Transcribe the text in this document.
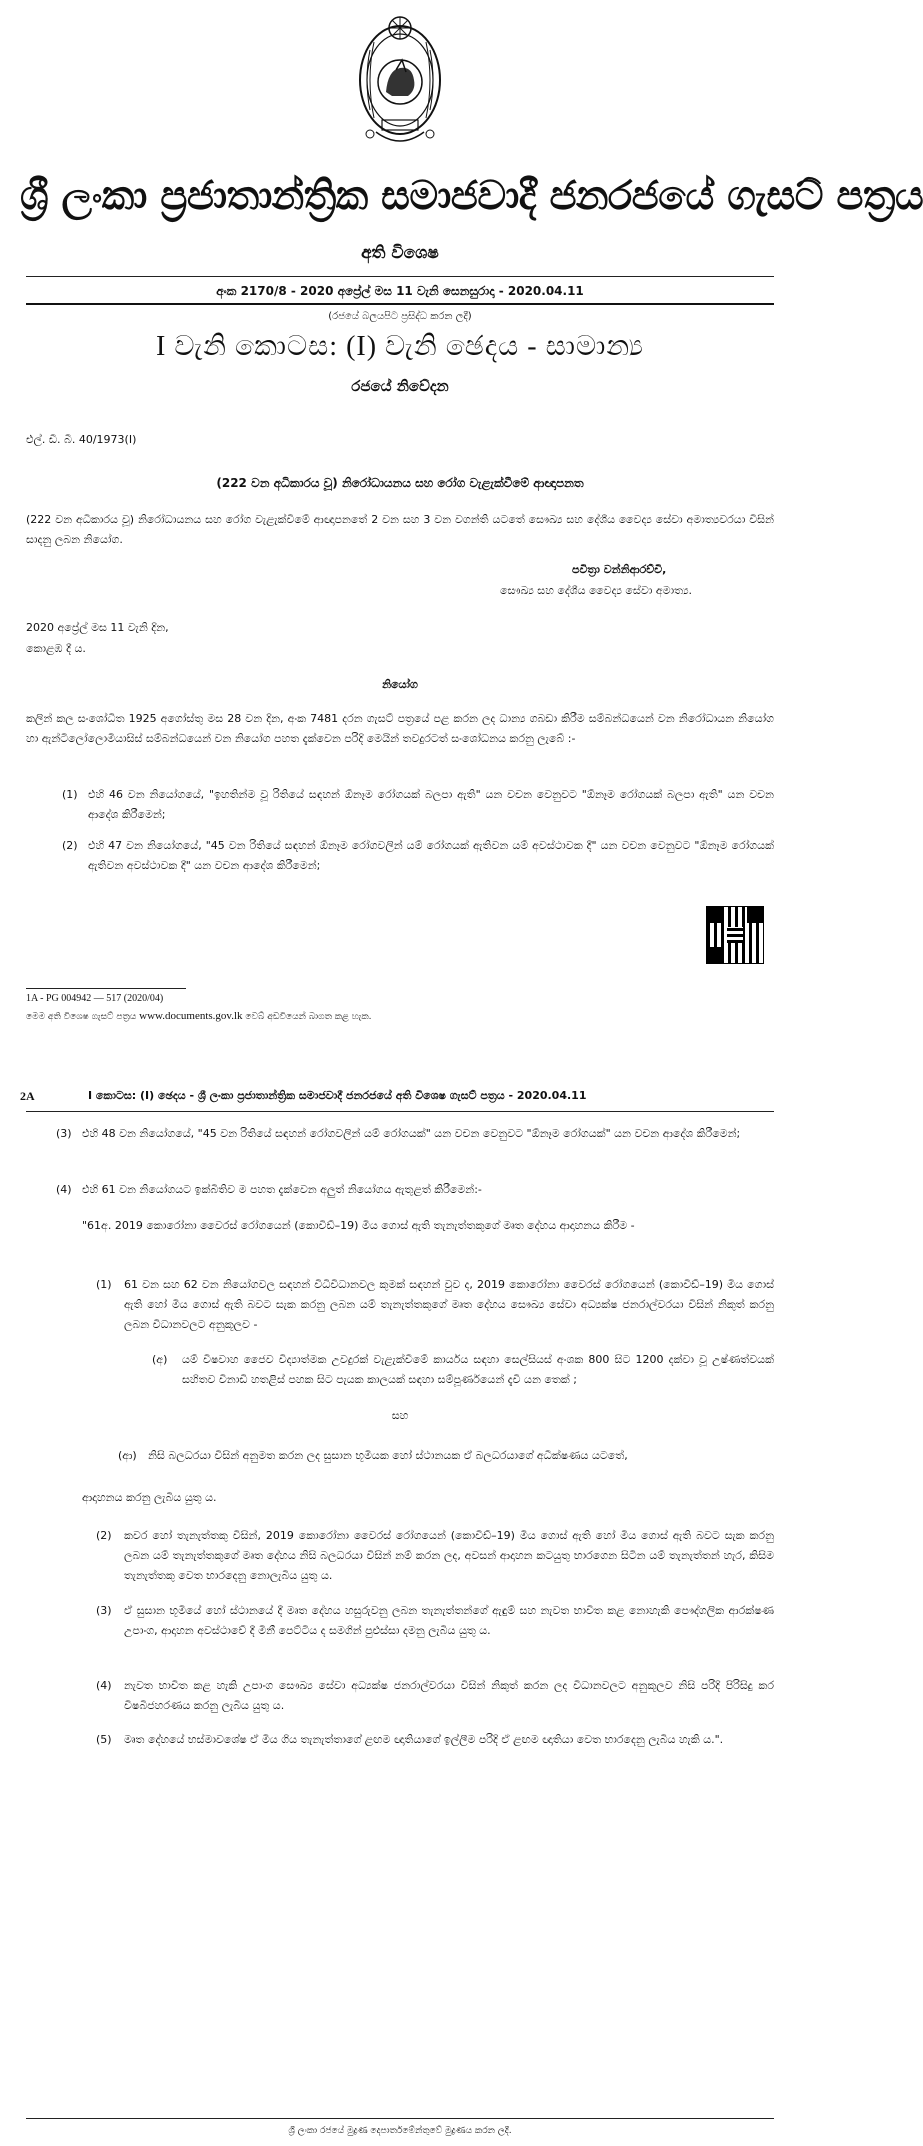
ශ්‍රී ලංකා ප්‍රජාතාන්ත්‍රික සමාජවාදී ජනරජයේ ගැසට් පත්‍රය
අති විශෙෂ
අංක 2170/8 - 2020 අප්‍රේල් මස 11 වැනි සෙනසුරාදා - 2020.04.11
(රජයේ බලයපිට ප්‍රසිද්ධ කරන ලදී)
I වැනි කොටස: (I) වැනි ඡෙදය - සාමාන්‍ය
රජයේ නිවේදන
එල්. ඩී. බී. 40/1973(I)
(222 වන අධිකාරය වූ) නිරෝධායනය සහ රෝග වැළැක්වීමේ ආඥාපනත
(222 වන අධිකාරය වූ) නිරෝධායනය සහ රෝග වැළැක්වීමේ ආඥාපනතේ 2 වන සහ 3 වන වගන්ති යටතේ සෞඛ්‍ය සහ දේශීය වෛද්‍ය සේවා අමාත්‍යවරයා විසින් සාදනු ලබන නියෝග.
පවිත්‍රා වන්නිආරච්චි,
සෞඛ්‍ය සහ දේශීය වෛද්‍ය සේවා අමාත්‍ය.
2020 අප්‍රේල් මස 11 වැනි දින,
කොළඹ දී ය.
නියෝග
කලින් කල සංශෝධිත 1925 අගෝස්තු මස 28 වන දින, අංක 7481 දරන ගැසට් පත්‍රයේ පළ කරන ලද ධාන්‍ය ගබඩා කිරීම සම්බන්ධයෙන් වන නිරෝධායන නියෝග හා ඇන්ටිලෝලොමියාසිස් සම්බන්ධයෙන් වන නියෝග පහත දැක්වෙන පරිදි මෙයින් තවදුරටත් සංශෝධනය කරනු ලැබේ :-
(1) එහි 46 වන නියෝගයේ, "ඉහතින්ම වූ රිතියේ සඳහන් ඕනෑම රෝගයක් බලපා ඇති" යන වචන වෙනුවට "ඕනෑම රෝගයක් බලපා ඇති" යන වචන ආදේශ කිරීමෙන්;
(2) එහි 47 වන නියෝගයේ, "45 වන රිතියේ සඳහන් ඕනෑම රෝගවලින් යම් රෝගයක් ඇතිවන යම් අවස්ථාවක දී" යන වචන වෙනුවට "ඕනෑම රෝගයක් ඇතිවන අවස්ථාවක දී" යන වචන ආදේශ කිරීමෙන්;
1A - PG 004942 — 517 (2020/04)
මෙම අති විශෙෂ ගැසට් පත්‍රය www.documents.gov.lk වෙබ් අඩවියෙන් බාගත කළ හැක.
2A	I කොටස: (I) ඡෙදය - ශ්‍රී ලංකා ප්‍රජාතාන්ත්‍රික සමාජවාදී ජනරජයේ අති විශෙෂ ගැසට් පත්‍රය - 2020.04.11
(3) එහි 48 වන නියෝගයේ, "45 වන රිතියේ සඳහන් රෝගවලින් යම් රෝගයක්" යන වචන වෙනුවට "ඕනෑම රෝගයක්" යන වචන ආදේශ කිරීමෙන්;
(4) එහි 61 වන නියෝගයට ඉක්බිතිව ම පහත දැක්වෙන අලුත් නියෝගය ඇතුළත් කිරීමෙන්:-
"61අ. 2019 කොරෝනා වෛරස් රෝගයෙන් (කොවිඩ්–19) මිය ගොස් ඇති තැනැත්තකුගේ මෘත දේහය ආදාහනය කිරීම -
(1)	61 වන සහ 62 වන නියෝගවල සඳහන් විධිවිධානවල කුමක් සඳහන් වුව ද, 2019 කොරෝනා වෛරස් රෝගයෙන් (කොවිඩ්–19) මිය ගොස් ඇති හෝ මිය ගොස් ඇති බවට සැක කරනු ලබන යම් තැනැත්තකුගේ මෘත දේහය සෞඛ්‍ය සේවා අධ්‍යක්ෂ ජනරාල්වරයා විසින් නිකුත් කරනු ලබන විධානවලට අනුකූලව -
(අ)	යම් විෂවාහ ජෛව විද්‍යාත්මක උවදුරක් වැළැක්වීමේ කාර්යය සඳහා සෙල්සියස් අංශක 800 සිට 1200 දක්වා වූ උෂ්ණත්වයක් සහිතව විනාඩි හතළිස් පහක සිට පැයක කාලයක් සඳහා සම්පූර්ණයෙන් දැවී යන තෙක් ;
සහ
(ආ)	නිසි බලධරයා විසින් අනුමත කරන ලද සුසාන භූමියක හෝ ස්ථානයක ඒ බලධරයාගේ අධීක්ෂණය යටතේ,
ආදාහනය කරනු ලැබිය යුතු ය.
(2)	කවර හෝ තැනැත්තකු විසින්, 2019 කොරෝනා වෛරස් රෝගයෙන් (කොවිඩ්–19) මිය ගොස් ඇති හෝ මිය ගොස් ඇති බවට සැක කරනු ලබන යම් තැනැත්තකුගේ මෘත දේහය නිසි බලධරයා විසින් නම් කරන ලද, අවසන් ආදාහන කටයුතු භාරගෙන සිටින යම් තැනැත්තන් හැර, කිසිම තැනැත්තකු වෙත භාරදෙනු නොලැබිය යුතු ය.
(3)	ඒ සුසාන භූමියේ හෝ ස්ථානයේ දී මෘත දේහය හසුරුවනු ලබන තැනැත්තන්ගේ ඇඳුම් සහ නැවත භාවිත කළ නොහැකි පෞද්ගලික ආරක්ෂණ උපාංග, ආදාහන අවස්ථාවේ දී මිනී පෙට්ටිය ද සමගින් පුළුස්සා දමනු ලැබිය යුතු ය.
(4)	නැවත භාවිත කළ හැකි උපාංග සෞඛ්‍ය සේවා අධ්‍යක්ෂ ජනරාල්වරයා විසින් නිකුත් කරන ලද විධානවලට අනුකූලව නිසි පරිදි පිරිසිදු කර විෂබීජහරණය කරනු ලැබිය යුතු ය.
(5)	මෘත දේහයේ භස්මාවශේෂ ඒ මිය ගිය තැනැත්තාගේ ළඟම ඥාතියාගේ ඉල්ලීම පරිදි ඒ ළඟම ඥාතියා වෙත භාරදෙනු ලැබිය හැකි ය.".
ශ්‍රී ලංකා රජයේ මුද්‍රණ දෙපාර්තමේන්තුවේ මුද්‍රණය කරන ලදී.
